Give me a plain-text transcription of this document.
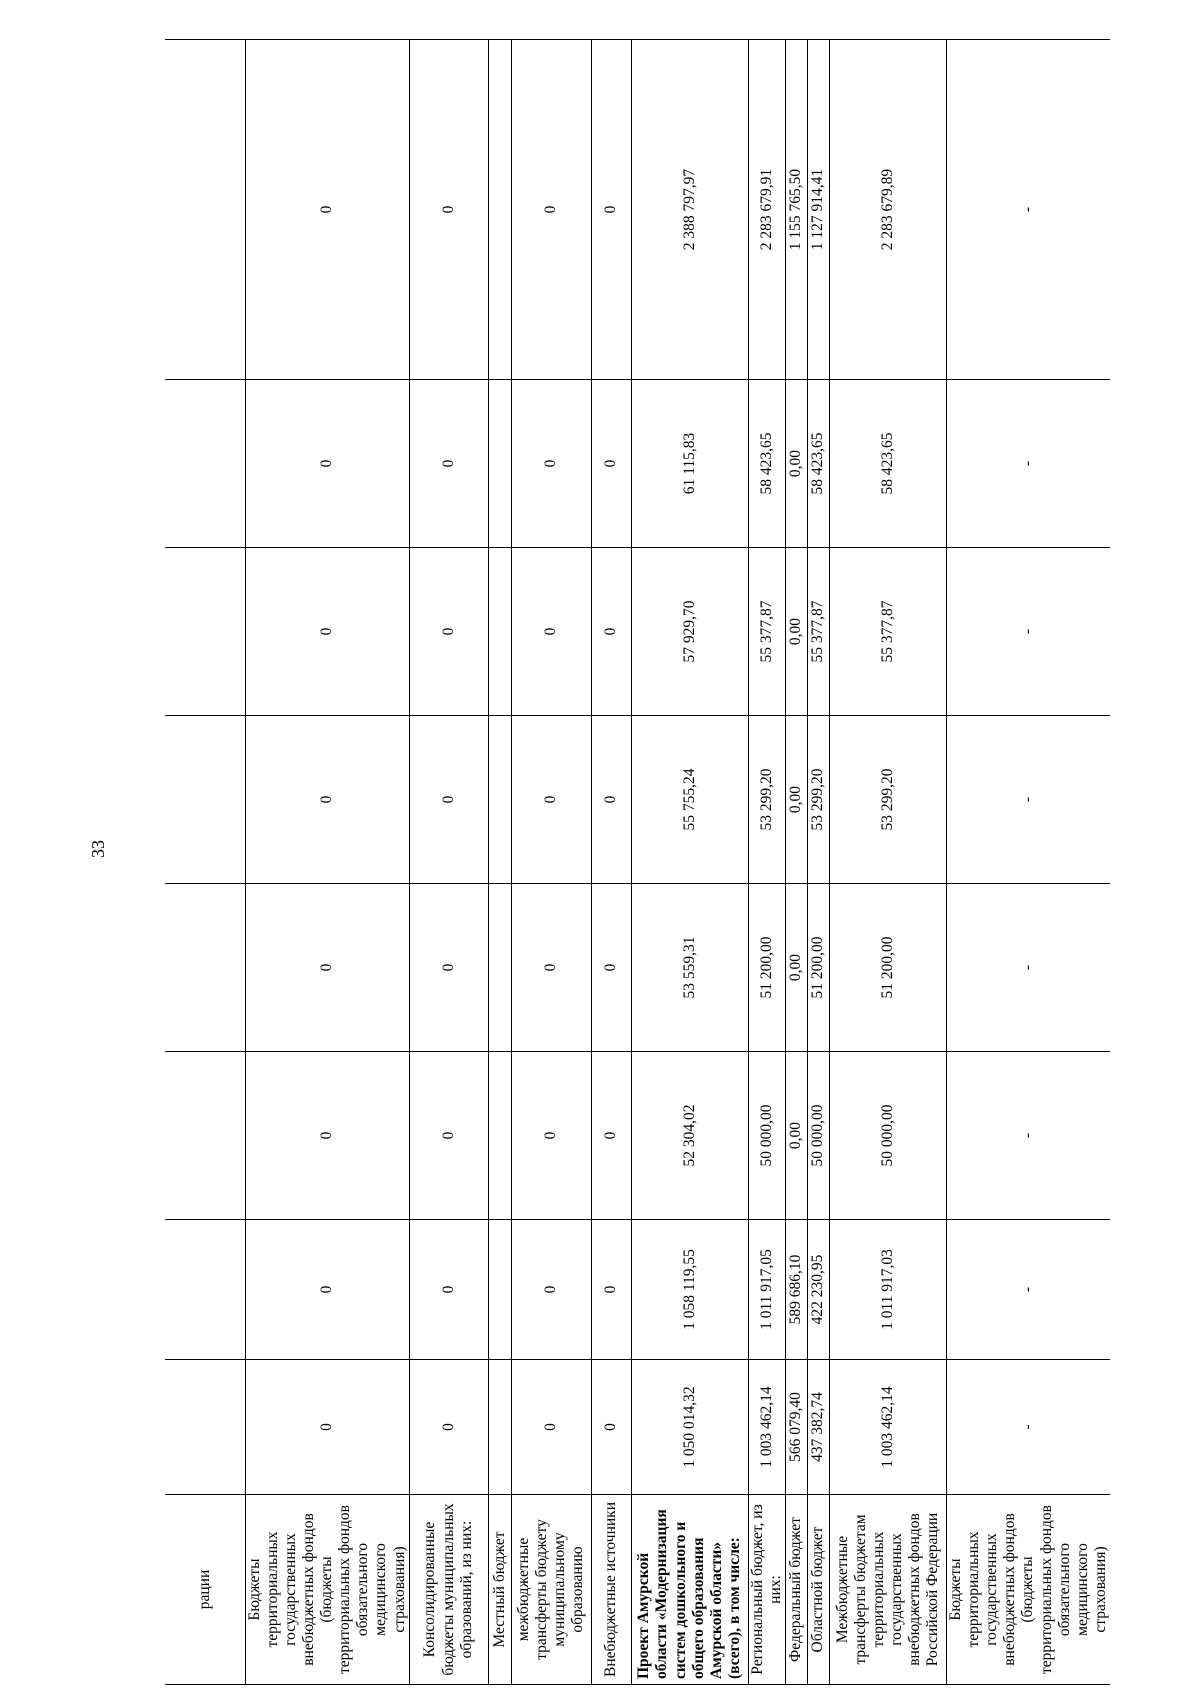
33
рации								
Бюджеты территориальных государственных внебюджетных фондов (бюджеты территориальных фондов обязательного медицинского страхования)	0	0	0	0	0	0	0	0
Консолидированные бюджеты муниципальных образований, из них:	0	0	0	0	0	0	0	0
Местный бюджет								
межбюджетные трансферты бюджету муниципальному образованию	0	0	0	0	0	0	0	0
Внебюджетные источники	0	0	0	0	0	0	0	0
Проект Амурской области «Модернизация систем дошкольного и общего образования Амурской области» (всего), в том числе:	1 050 014,32	1 058 119,55	52 304,02	53 559,31	55 755,24	57 929,70	61 115,83	2 388 797,97
Региональный бюджет, из них:	1 003 462,14	1 011 917,05	50 000,00	51 200,00	53 299,20	55 377,87	58 423,65	2 283 679,91
Федеральный бюджет	566 079,40	589 686,10	0,00	0,00	0,00	0,00	0,00	1 155 765,50
Областной бюджет	437 382,74	422 230,95	50 000,00	51 200,00	53 299,20	55 377,87	58 423,65	1 127 914,41
Межбюджетные трансферты бюджетам территориальных государственных внебюджетных фондов Российской Федерации	1 003 462,14	1 011 917,03	50 000,00	51 200,00	53 299,20	55 377,87	58 423,65	2 283 679,89
Бюджеты территориальных государственных внебюджетных фондов (бюджеты территориальных фондов обязательного медицинского страхования)	-	-	-	-	-	-	-	-
